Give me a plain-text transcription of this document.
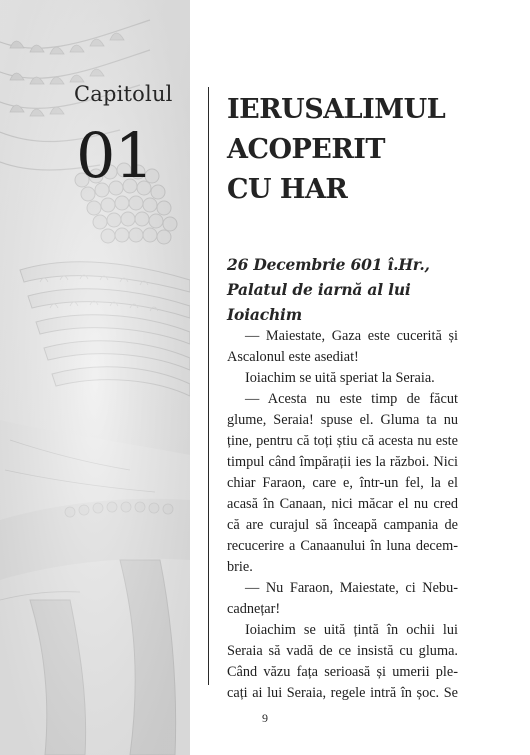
Capitolul
01
IERUSALIMUL
ACOPERIT
CU HAR
26 Decembrie 601 î.Hr.,
Palatul de iarnă al lui
Ioiachim
— Maiestate, Gaza este cucerită și
Ascalonul este asediat!
Ioiachim se uită speriat la Seraia.
— Acesta nu este timp de făcut
glume, Seraia! spuse el. Gluma ta nu
ține, pentru că toți știu că acesta nu este
timpul când împărații ies la război. Nici
chiar Faraon, care e, într-un fel, la el
acasă în Canaan, nici măcar el nu cred
că are curajul să înceapă campania de
recucerire a Canaanului în luna decem-
brie.
— Nu Faraon, Maiestate, ci Nebu-
cadnețar!
Ioiachim se uită țintă în ochii lui
Seraia să vadă de ce insistă cu gluma.
Când văzu fața serioasă și umerii ple-
cați ai lui Seraia, regele intră în șoc. Se
9
